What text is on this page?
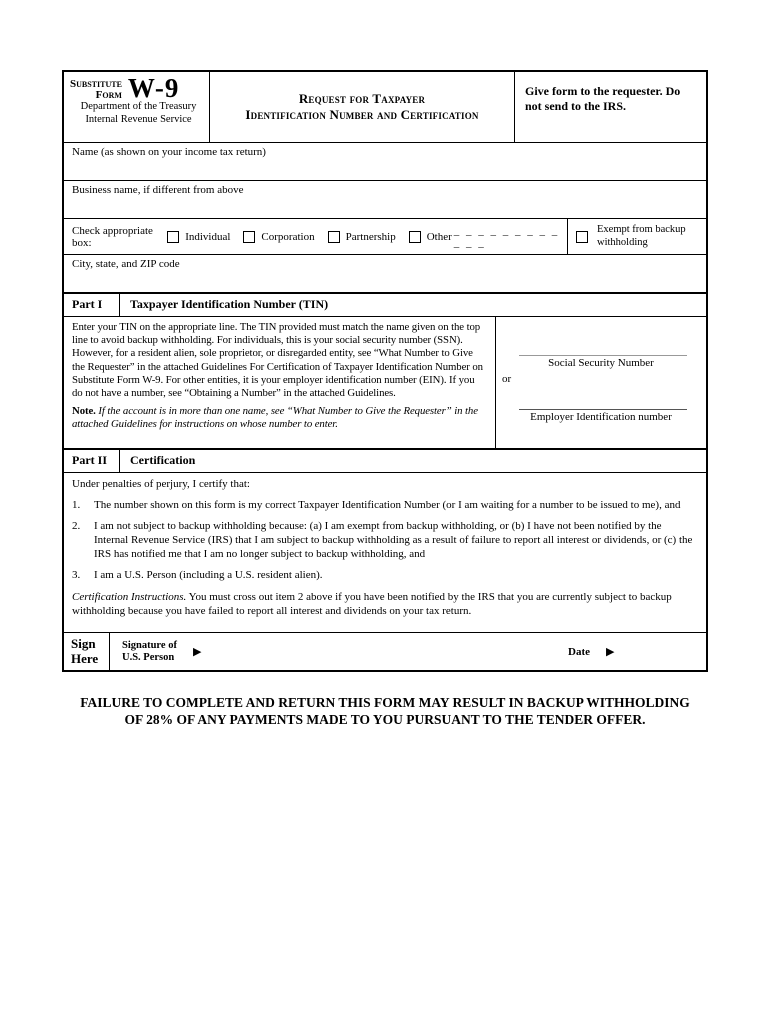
Substitute
Form W-9
Department of the Treasury
Internal Revenue Service
Request for Taxpayer
Identification Number and Certification
Give form to the requester. Do not send to the IRS.
Name (as shown on your income tax return)
Business name, if different from above
Check appropriate box:	Individual	Corporation	Partnership	Other _ _ _ _ _ _ _ _ _ _ _ _
Exempt from backup withholding
City, state, and ZIP code
Part I	Taxpayer Identification Number (TIN)
Enter your TIN on the appropriate line. The TIN provided must match the name given on the top line to avoid backup withholding. For individuals, this is your social security number (SSN). However, for a resident alien, sole proprietor, or disregarded entity, see “What Number to Give the Requester” in the attached Guidelines For Certification of Taxpayer Identification Number on Substitute Form W-9. For other entities, it is your employer identification number (EIN). If you do not have a number, see “Obtaining a Number” in the attached Guidelines.
Note. If the account is in more than one name, see “What Number to Give the Requester” in the attached Guidelines for instructions on whose number to enter.
Social Security Number
or
Employer Identification number
Part II	Certification
Under penalties of perjury, I certify that:
1.	The number shown on this form is my correct Taxpayer Identification Number (or I am waiting for a number to be issued to me), and
2.	I am not subject to backup withholding because: (a) I am exempt from backup withholding, or (b) I have not been notified by the Internal Revenue Service (IRS) that I am subject to backup withholding as a result of failure to report all interest or dividends, or (c) the IRS has notified me that I am no longer subject to backup withholding, and
3.	I am a U.S. Person (including a U.S. resident alien).
Certification Instructions. You must cross out item 2 above if you have been notified by the IRS that you are currently subject to backup withholding because you have failed to report all interest and dividends on your tax return.
Sign
Here
Signature of
U.S. Person ▶	Date ▶
FAILURE TO COMPLETE AND RETURN THIS FORM MAY RESULT IN BACKUP WITHHOLDING
OF 28% OF ANY PAYMENTS MADE TO YOU PURSUANT TO THE TENDER OFFER.
